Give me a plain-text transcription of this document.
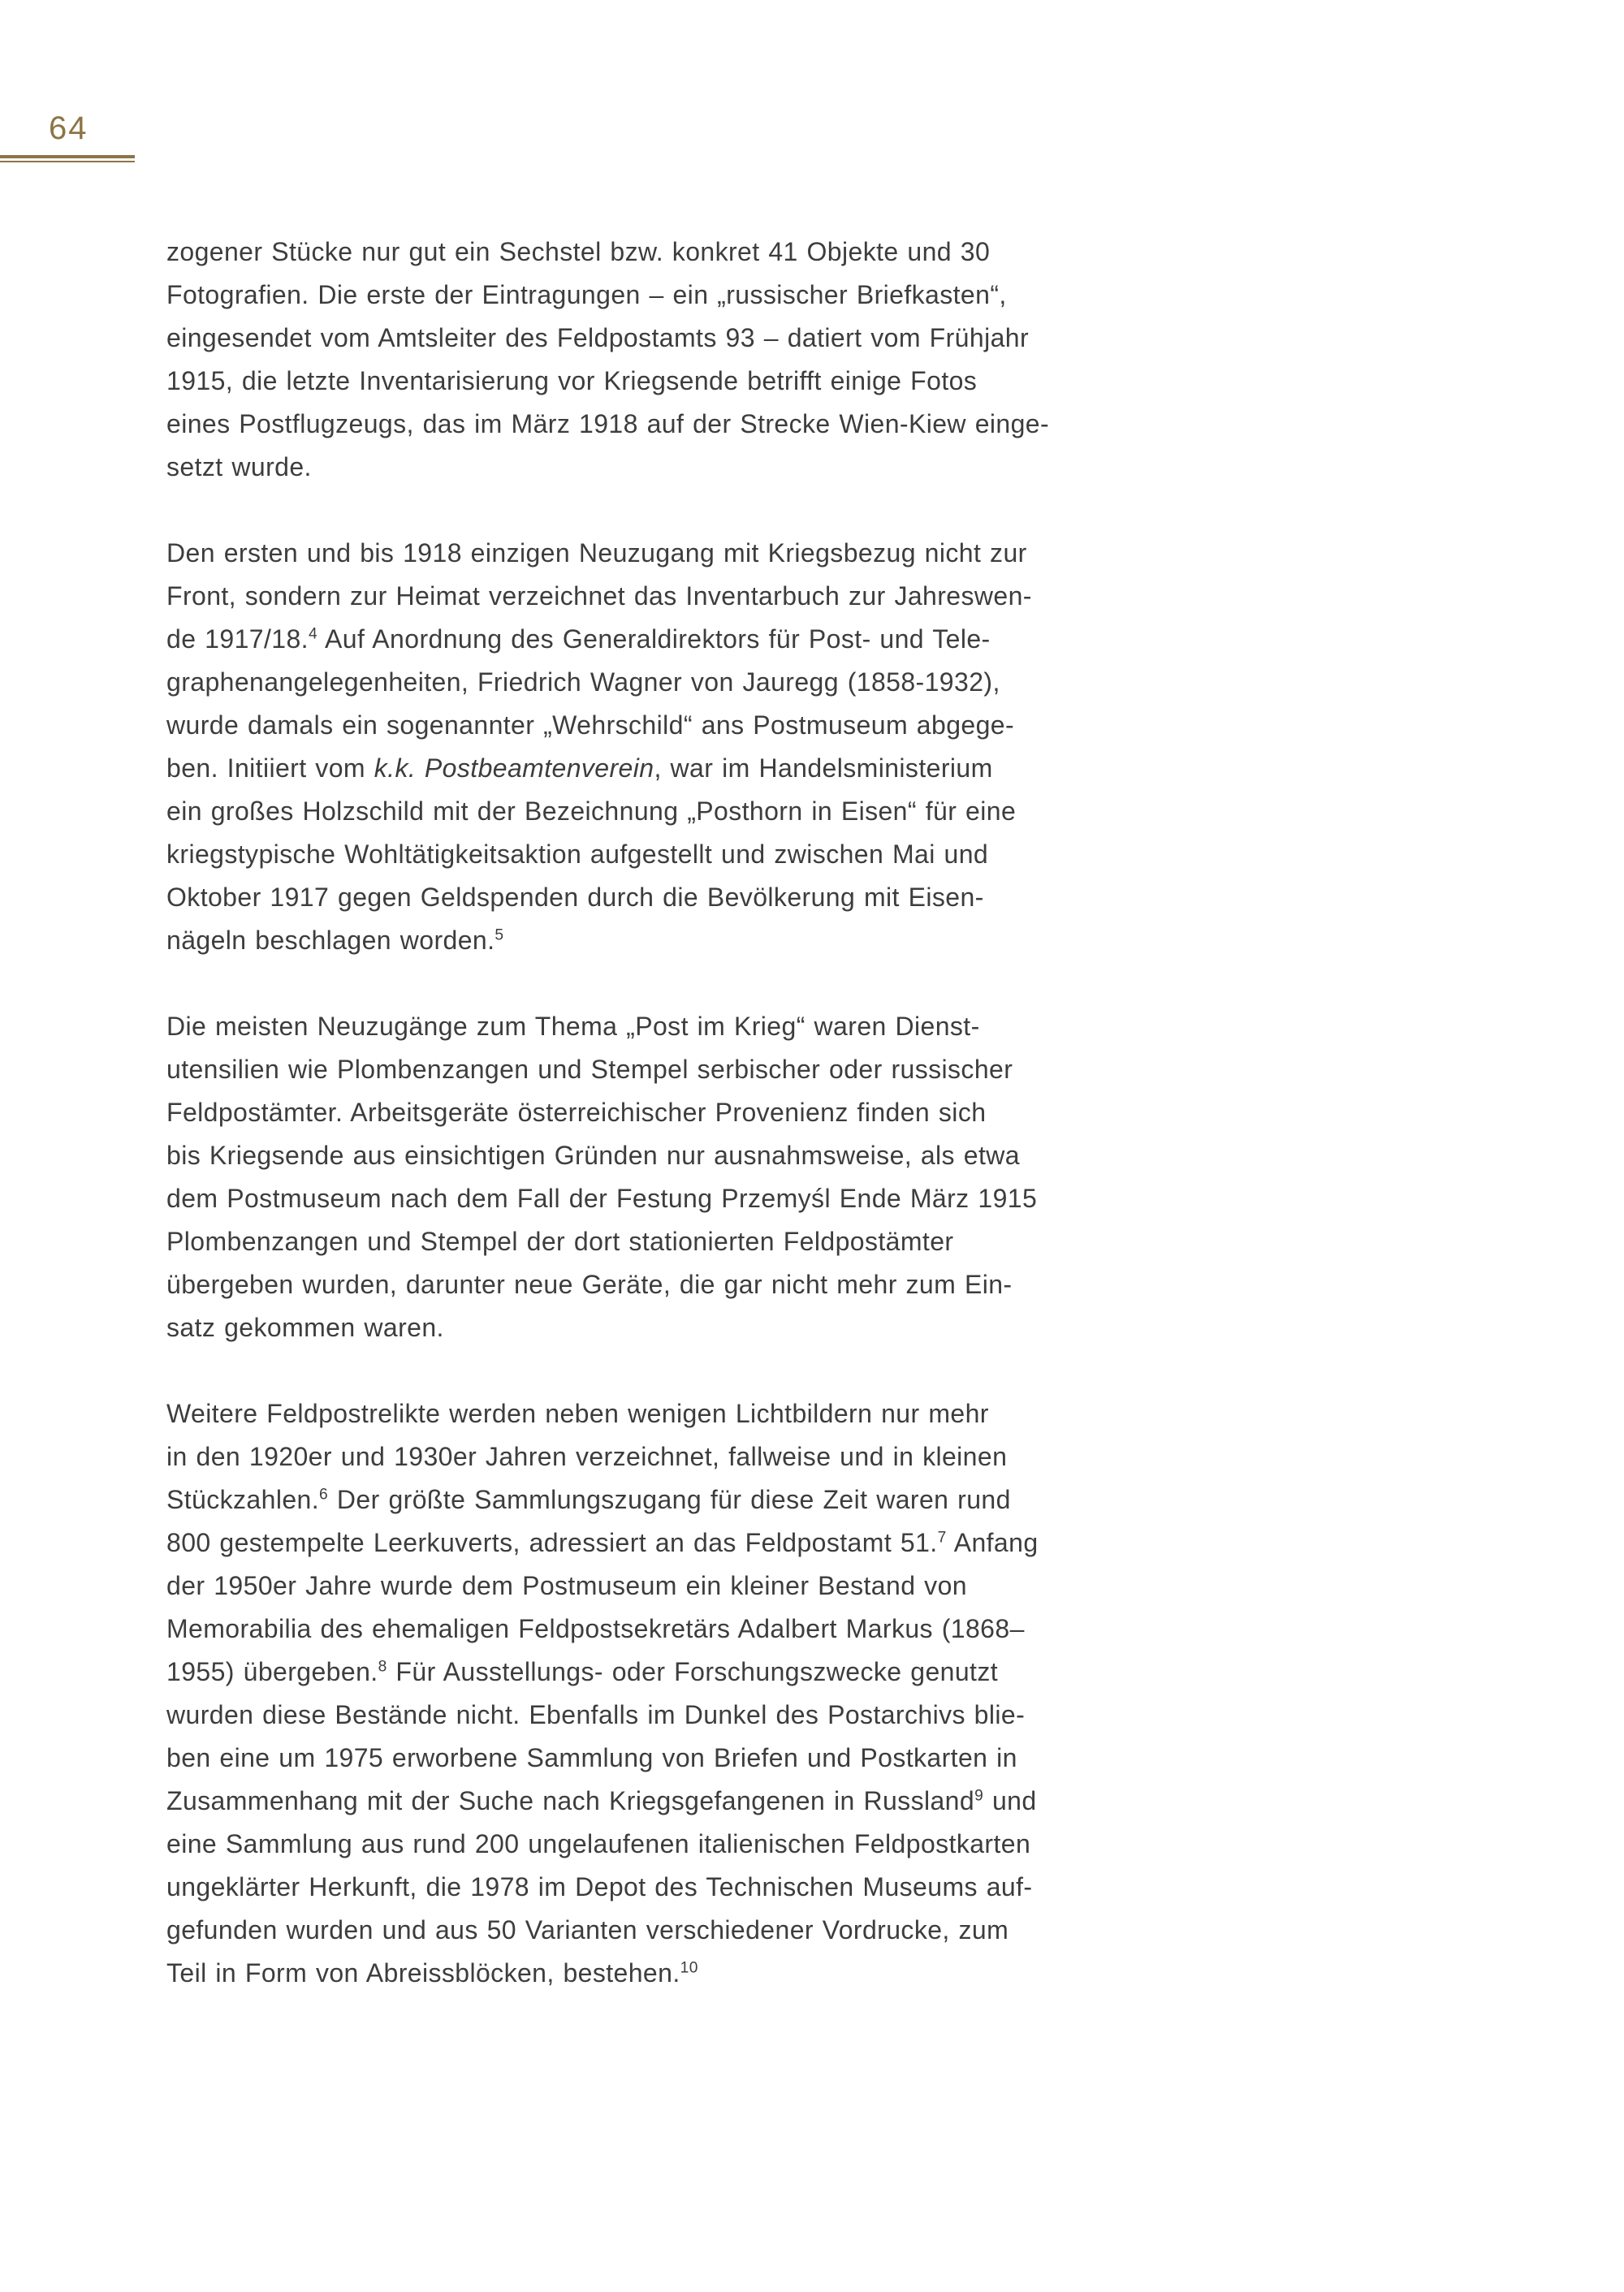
64

zogener Stücke nur gut ein Sechstel bzw. konkret 41 Objekte und 30
Fotografien. Die erste der Eintragungen – ein „russischer Briefkasten“,
eingesendet vom Amtsleiter des Feldpostamts 93 – datiert vom Frühjahr
1915, die letzte Inventarisierung vor Kriegsende betrifft einige Fotos
eines Postflugzeugs, das im März 1918 auf der Strecke Wien-Kiew einge-
setzt wurde.

Den ersten und bis 1918 einzigen Neuzugang mit Kriegsbezug nicht zur
Front, sondern zur Heimat verzeichnet das Inventarbuch zur Jahreswen-
de 1917/18.$^4$ Auf Anordnung des Generaldirektors für Post- und Tele-
graphenangelegenheiten, Friedrich Wagner von Jauregg (1858-1932),
wurde damals ein sogenannter „Wehrschild“ ans Postmuseum abgege-
ben. Initiiert vom k.k. Postbeamtenverein, war im Handelsministerium
ein großes Holzschild mit der Bezeichnung „Posthorn in Eisen“ für eine
kriegstypische Wohltätigkeitsaktion aufgestellt und zwischen Mai und
Oktober 1917 gegen Geldspenden durch die Bevölkerung mit Eisen-
nägeln beschlagen worden.$^5$

Die meisten Neuzugänge zum Thema „Post im Krieg“ waren Dienst-
utensilien wie Plombenzangen und Stempel serbischer oder russischer
Feldpostämter. Arbeitsgeräte österreichischer Provenienz finden sich
bis Kriegsende aus einsichtigen Gründen nur ausnahmsweise, als etwa
dem Postmuseum nach dem Fall der Festung Przemyśl Ende März 1915
Plombenzangen und Stempel der dort stationierten Feldpostämter
übergeben wurden, darunter neue Geräte, die gar nicht mehr zum Ein-
satz gekommen waren.

Weitere Feldpostrelikte werden neben wenigen Lichtbildern nur mehr
in den 1920er und 1930er Jahren verzeichnet, fallweise und in kleinen
Stückzahlen.$^6$ Der größte Sammlungszugang für diese Zeit waren rund
800 gestempelte Leerkuverts, adressiert an das Feldpostamt 51.$^7$ Anfang
der 1950er Jahre wurde dem Postmuseum ein kleiner Bestand von
Memorabilia des ehemaligen Feldpostsekretärs Adalbert Markus (1868–
1955) übergeben.$^8$ Für Ausstellungs- oder Forschungszwecke genutzt
wurden diese Bestände nicht. Ebenfalls im Dunkel des Postarchivs blie-
ben eine um 1975 erworbene Sammlung von Briefen und Postkarten in
Zusammenhang mit der Suche nach Kriegsgefangenen in Russland$^9$ und
eine Sammlung aus rund 200 ungelaufenen italienischen Feldpostkarten
ungeklärter Herkunft, die 1978 im Depot des Technischen Museums auf-
gefunden wurden und aus 50 Varianten verschiedener Vordrucke, zum
Teil in Form von Abreissblöcken, bestehen.$^{10}$
